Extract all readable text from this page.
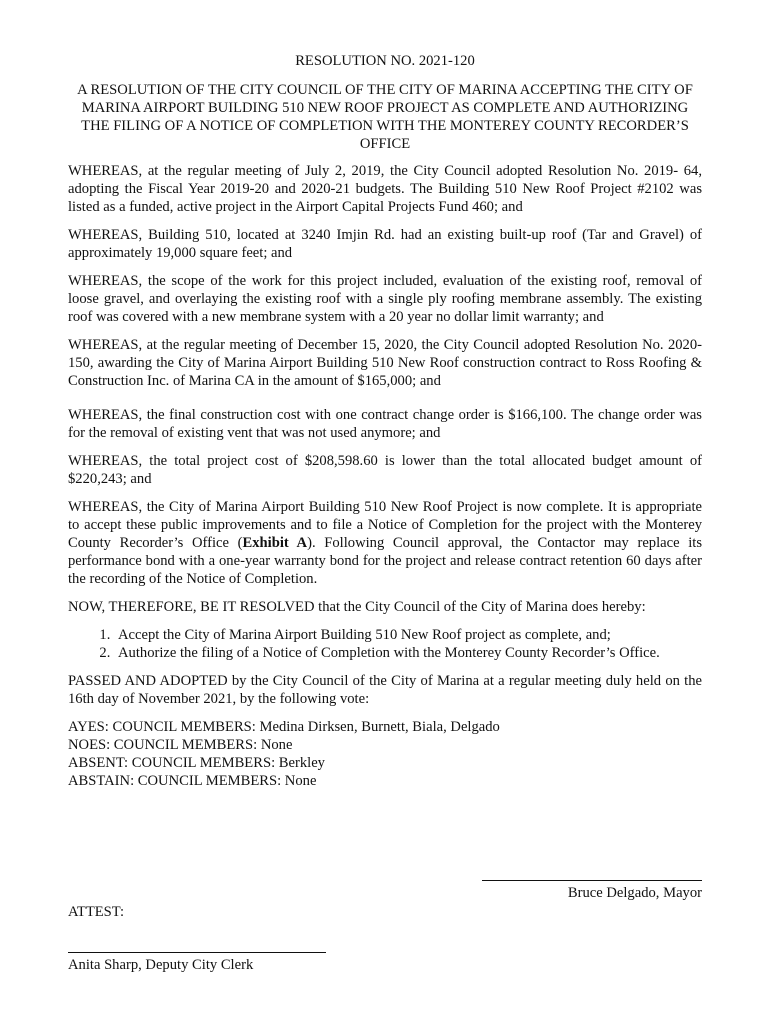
RESOLUTION NO. 2021-120
A RESOLUTION OF THE CITY COUNCIL OF THE CITY OF MARINA ACCEPTING THE CITY OF MARINA AIRPORT BUILDING 510 NEW ROOF PROJECT AS COMPLETE AND AUTHORIZING THE FILING OF A NOTICE OF COMPLETION WITH THE MONTEREY COUNTY RECORDER’S OFFICE

WHEREAS, at the regular meeting of July 2, 2019, the City Council adopted Resolution No. 2019- 64, adopting the Fiscal Year 2019-20 and 2020-21 budgets. The Building 510 New Roof Project #2102 was listed as a funded, active project in the Airport Capital Projects Fund 460; and

WHEREAS, Building 510, located at 3240 Imjin Rd. had an existing built-up roof (Tar and Gravel) of approximately 19,000 square feet; and

WHEREAS, the scope of the work for this project included, evaluation of the existing roof, removal of loose gravel, and overlaying the existing roof with a single ply roofing membrane assembly. The existing roof was covered with a new membrane system with a 20 year no dollar limit warranty; and

WHEREAS, at the regular meeting of December 15, 2020, the City Council adopted Resolution No. 2020-150, awarding the City of Marina Airport Building 510 New Roof construction contract to Ross Roofing & Construction Inc. of Marina CA in the amount of $165,000; and

WHEREAS, the final construction cost with one contract change order is $166,100. The change order was for the removal of existing vent that was not used anymore; and

WHEREAS, the total project cost of $208,598.60 is lower than the total allocated budget amount of $220,243; and

WHEREAS, the City of Marina Airport Building 510 New Roof Project is now complete. It is appropriate to accept these public improvements and to file a Notice of Completion for the project with the Monterey County Recorder’s Office (Exhibit A). Following Council approval, the Contactor may replace its performance bond with a one-year warranty bond for the project and release contract retention 60 days after the recording of the Notice of Completion.

NOW, THEREFORE, BE IT RESOLVED that the City Council of the City of Marina does hereby:

1. Accept the City of Marina Airport Building 510 New Roof project as complete, and;
2. Authorize the filing of a Notice of Completion with the Monterey County Recorder’s Office.

PASSED AND ADOPTED by the City Council of the City of Marina at a regular meeting duly held on the 16th day of November 2021, by the following vote:

AYES: COUNCIL MEMBERS: Medina Dirksen, Burnett, Biala, Delgado
NOES: COUNCIL MEMBERS: None
ABSENT: COUNCIL MEMBERS: Berkley
ABSTAIN: COUNCIL MEMBERS: None
Bruce Delgado, Mayor
ATTEST:
Anita Sharp, Deputy City Clerk
